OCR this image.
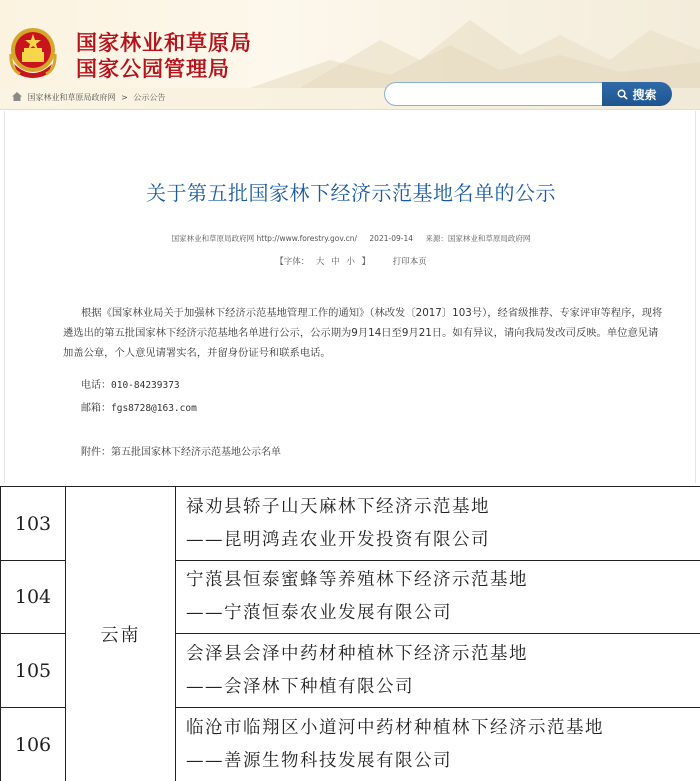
国家林业和草原局
国家公园管理局
国家林业和草原局政府网 > 公示公告	搜索
关于第五批国家林下经济示范基地名单的公示
国家林业和草原局政府网 http://www.forestry.gov.cn/ 2021-09-14 来源：国家林业和草原局政府网
【字体： 大 中 小 】	打印本页
根据《国家林业局关于加强林下经济示范基地管理工作的通知》（林改发〔2017〕103号），经省级推荐、专家评审等程序，现将遴选出的第五批国家林下经济示范基地名单进行公示，公示期为9月14日至9月21日。如有异议，请向我局发改司反映。单位意见请加盖公章，个人意见请署实名，并留身份证号和联系电话。
电话：010-84239373
邮箱：fgs8728@163.com
附件：第五批国家林下经济示范基地公示名单
103	云南	禄劝县轿子山天麻林下经济示范基地
——昆明鸿垚农业开发投资有限公司

104		宁蒗县恒泰蜜蜂等养殖林下经济示范基地
——宁蒗恒泰农业发展有限公司

105		会泽县会泽中药材种植林下经济示范基地
——会泽林下种植有限公司

106		临沧市临翔区小道河中药材种植林下经济示范基地
——善源生物科技发展有限公司
